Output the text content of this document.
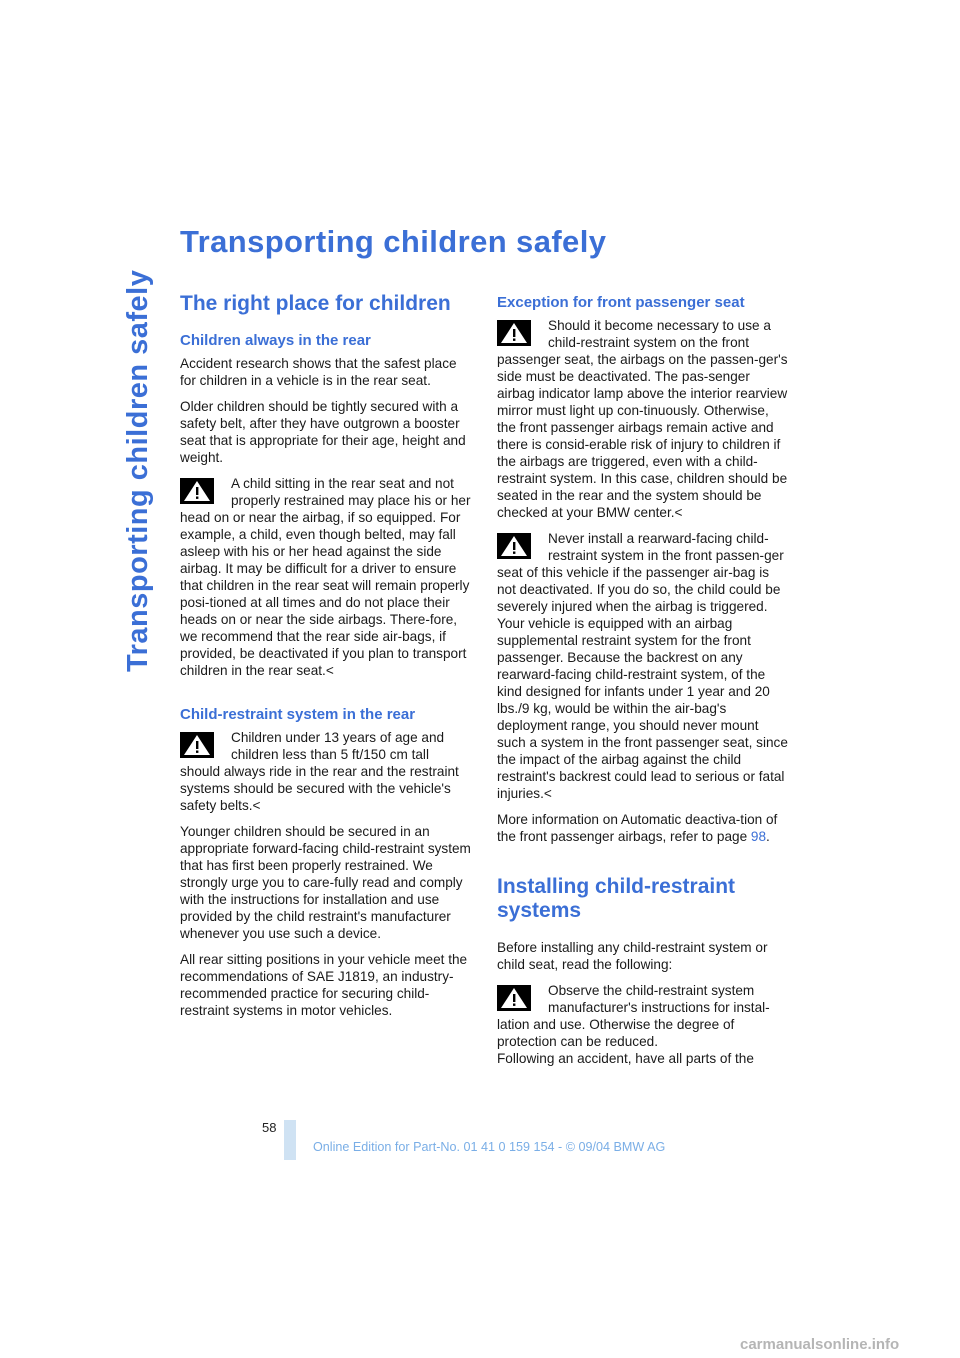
Transporting children safely
Transporting children safely
The right place for children
Children always in the rear

Accident research shows that the safest place for children in a vehicle is in the rear seat.

Older children should be tightly secured with a safety belt, after they have outgrown a booster seat that is appropriate for their age, height and weight.

A child sitting in the rear seat and not properly restrained may place his or her head on or near the airbag, if so equipped. For example, a child, even though belted, may fall asleep with his or her head against the side airbag. It may be difficult for a driver to ensure that children in the rear seat will remain properly posi-tioned at all times and do not place their heads on or near the side airbags. There-fore, we recommend that the rear side air-bags, if provided, be deactivated if you plan to transport children in the rear seat.<

Child-restraint system in the rear

Children under 13 years of age and children less than 5 ft/150 cm tall should always ride in the rear and the restraint systems should be secured with the vehicle's safety belts.<

Younger children should be secured in an appropriate forward-facing child-restraint system that has first been properly restrained. We strongly urge you to care-fully read and comply with the instructions for installation and use provided by the child restraint's manufacturer whenever you use such a device.

All rear sitting positions in your vehicle meet the recommendations of SAE J1819, an industry-recommended practice for securing child-restraint systems in motor vehicles.

Exception for front passenger seat

Should it become necessary to use a child-restraint system on the front passenger seat, the airbags on the passen-ger's side must be deactivated. The pas-senger airbag indicator lamp above the interior rearview mirror must light up con-tinuously. Otherwise, the front passenger airbags remain active and there is consid-erable risk of injury to children if the airbags are triggered, even with a child-restraint system. In this case, children should be seated in the rear and the system should be checked at your BMW center.<

Never install a rearward-facing child-restraint system in the front passen-ger seat of this vehicle if the passenger air-bag is not deactivated. If you do so, the child could be severely injured when the airbag is triggered.

Your vehicle is equipped with an airbag supplemental restraint system for the front passenger. Because the backrest on any rearward-facing child-restraint system, of the kind designed for infants under 1 year and 20 lbs./9 kg, would be within the air-bag's deployment range, you should never mount such a system in the front passenger seat, since the impact of the airbag against the child restraint's backrest could lead to serious or fatal injuries.<

More information on Automatic deactiva-tion of the front passenger airbags, refer to page 98.

Installing child-restraint systems

Before installing any child-restraint system or child seat, read the following:

Observe the child-restraint system manufacturer's instructions for instal-lation and use. Otherwise the degree of protection can be reduced.

Following an accident, have all parts of the

58
Online Edition for Part-No. 01 41 0 159 154 - © 09/04 BMW AG
carmanualsonline.info
